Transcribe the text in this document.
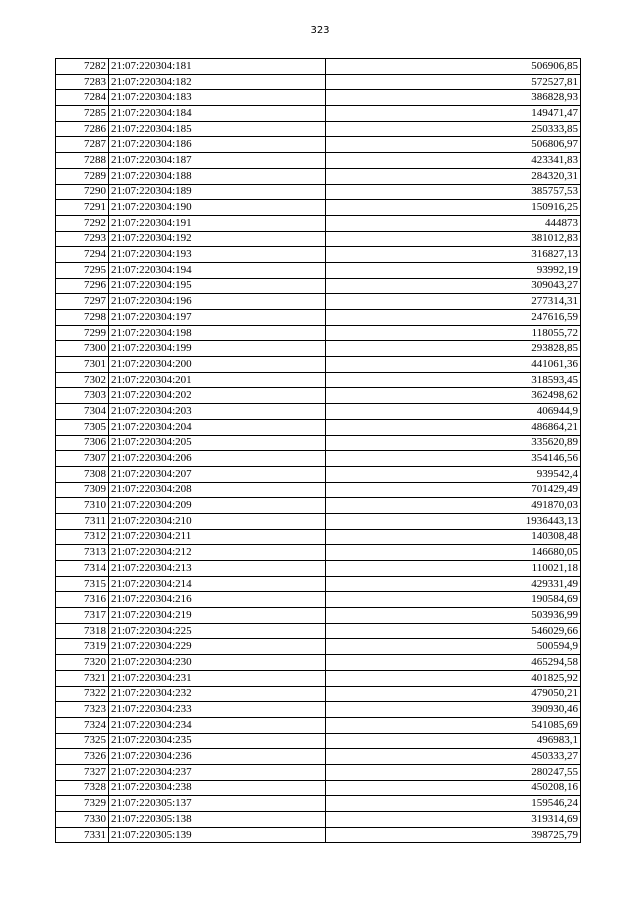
323
7282	21:07:220304:181	506906,85
7283	21:07:220304:182	572527,81
7284	21:07:220304:183	386828,93
7285	21:07:220304:184	149471,47
7286	21:07:220304:185	250333,85
7287	21:07:220304:186	506806,97
7288	21:07:220304:187	423341,83
7289	21:07:220304:188	284320,31
7290	21:07:220304:189	385757,53
7291	21:07:220304:190	150916,25
7292	21:07:220304:191	444873
7293	21:07:220304:192	381012,83
7294	21:07:220304:193	316827,13
7295	21:07:220304:194	93992,19
7296	21:07:220304:195	309043,27
7297	21:07:220304:196	277314,31
7298	21:07:220304:197	247616,59
7299	21:07:220304:198	118055,72
7300	21:07:220304:199	293828,85
7301	21:07:220304:200	441061,36
7302	21:07:220304:201	318593,45
7303	21:07:220304:202	362498,62
7304	21:07:220304:203	406944,9
7305	21:07:220304:204	486864,21
7306	21:07:220304:205	335620,89
7307	21:07:220304:206	354146,56
7308	21:07:220304:207	939542,4
7309	21:07:220304:208	701429,49
7310	21:07:220304:209	491870,03
7311	21:07:220304:210	1936443,13
7312	21:07:220304:211	140308,48
7313	21:07:220304:212	146680,05
7314	21:07:220304:213	110021,18
7315	21:07:220304:214	429331,49
7316	21:07:220304:216	190584,69
7317	21:07:220304:219	503936,99
7318	21:07:220304:225	546029,66
7319	21:07:220304:229	500594,9
7320	21:07:220304:230	465294,58
7321	21:07:220304:231	401825,92
7322	21:07:220304:232	479050,21
7323	21:07:220304:233	390930,46
7324	21:07:220304:234	541085,69
7325	21:07:220304:235	496983,1
7326	21:07:220304:236	450333,27
7327	21:07:220304:237	280247,55
7328	21:07:220304:238	450208,16
7329	21:07:220305:137	159546,24
7330	21:07:220305:138	319314,69
7331	21:07:220305:139	398725,79
